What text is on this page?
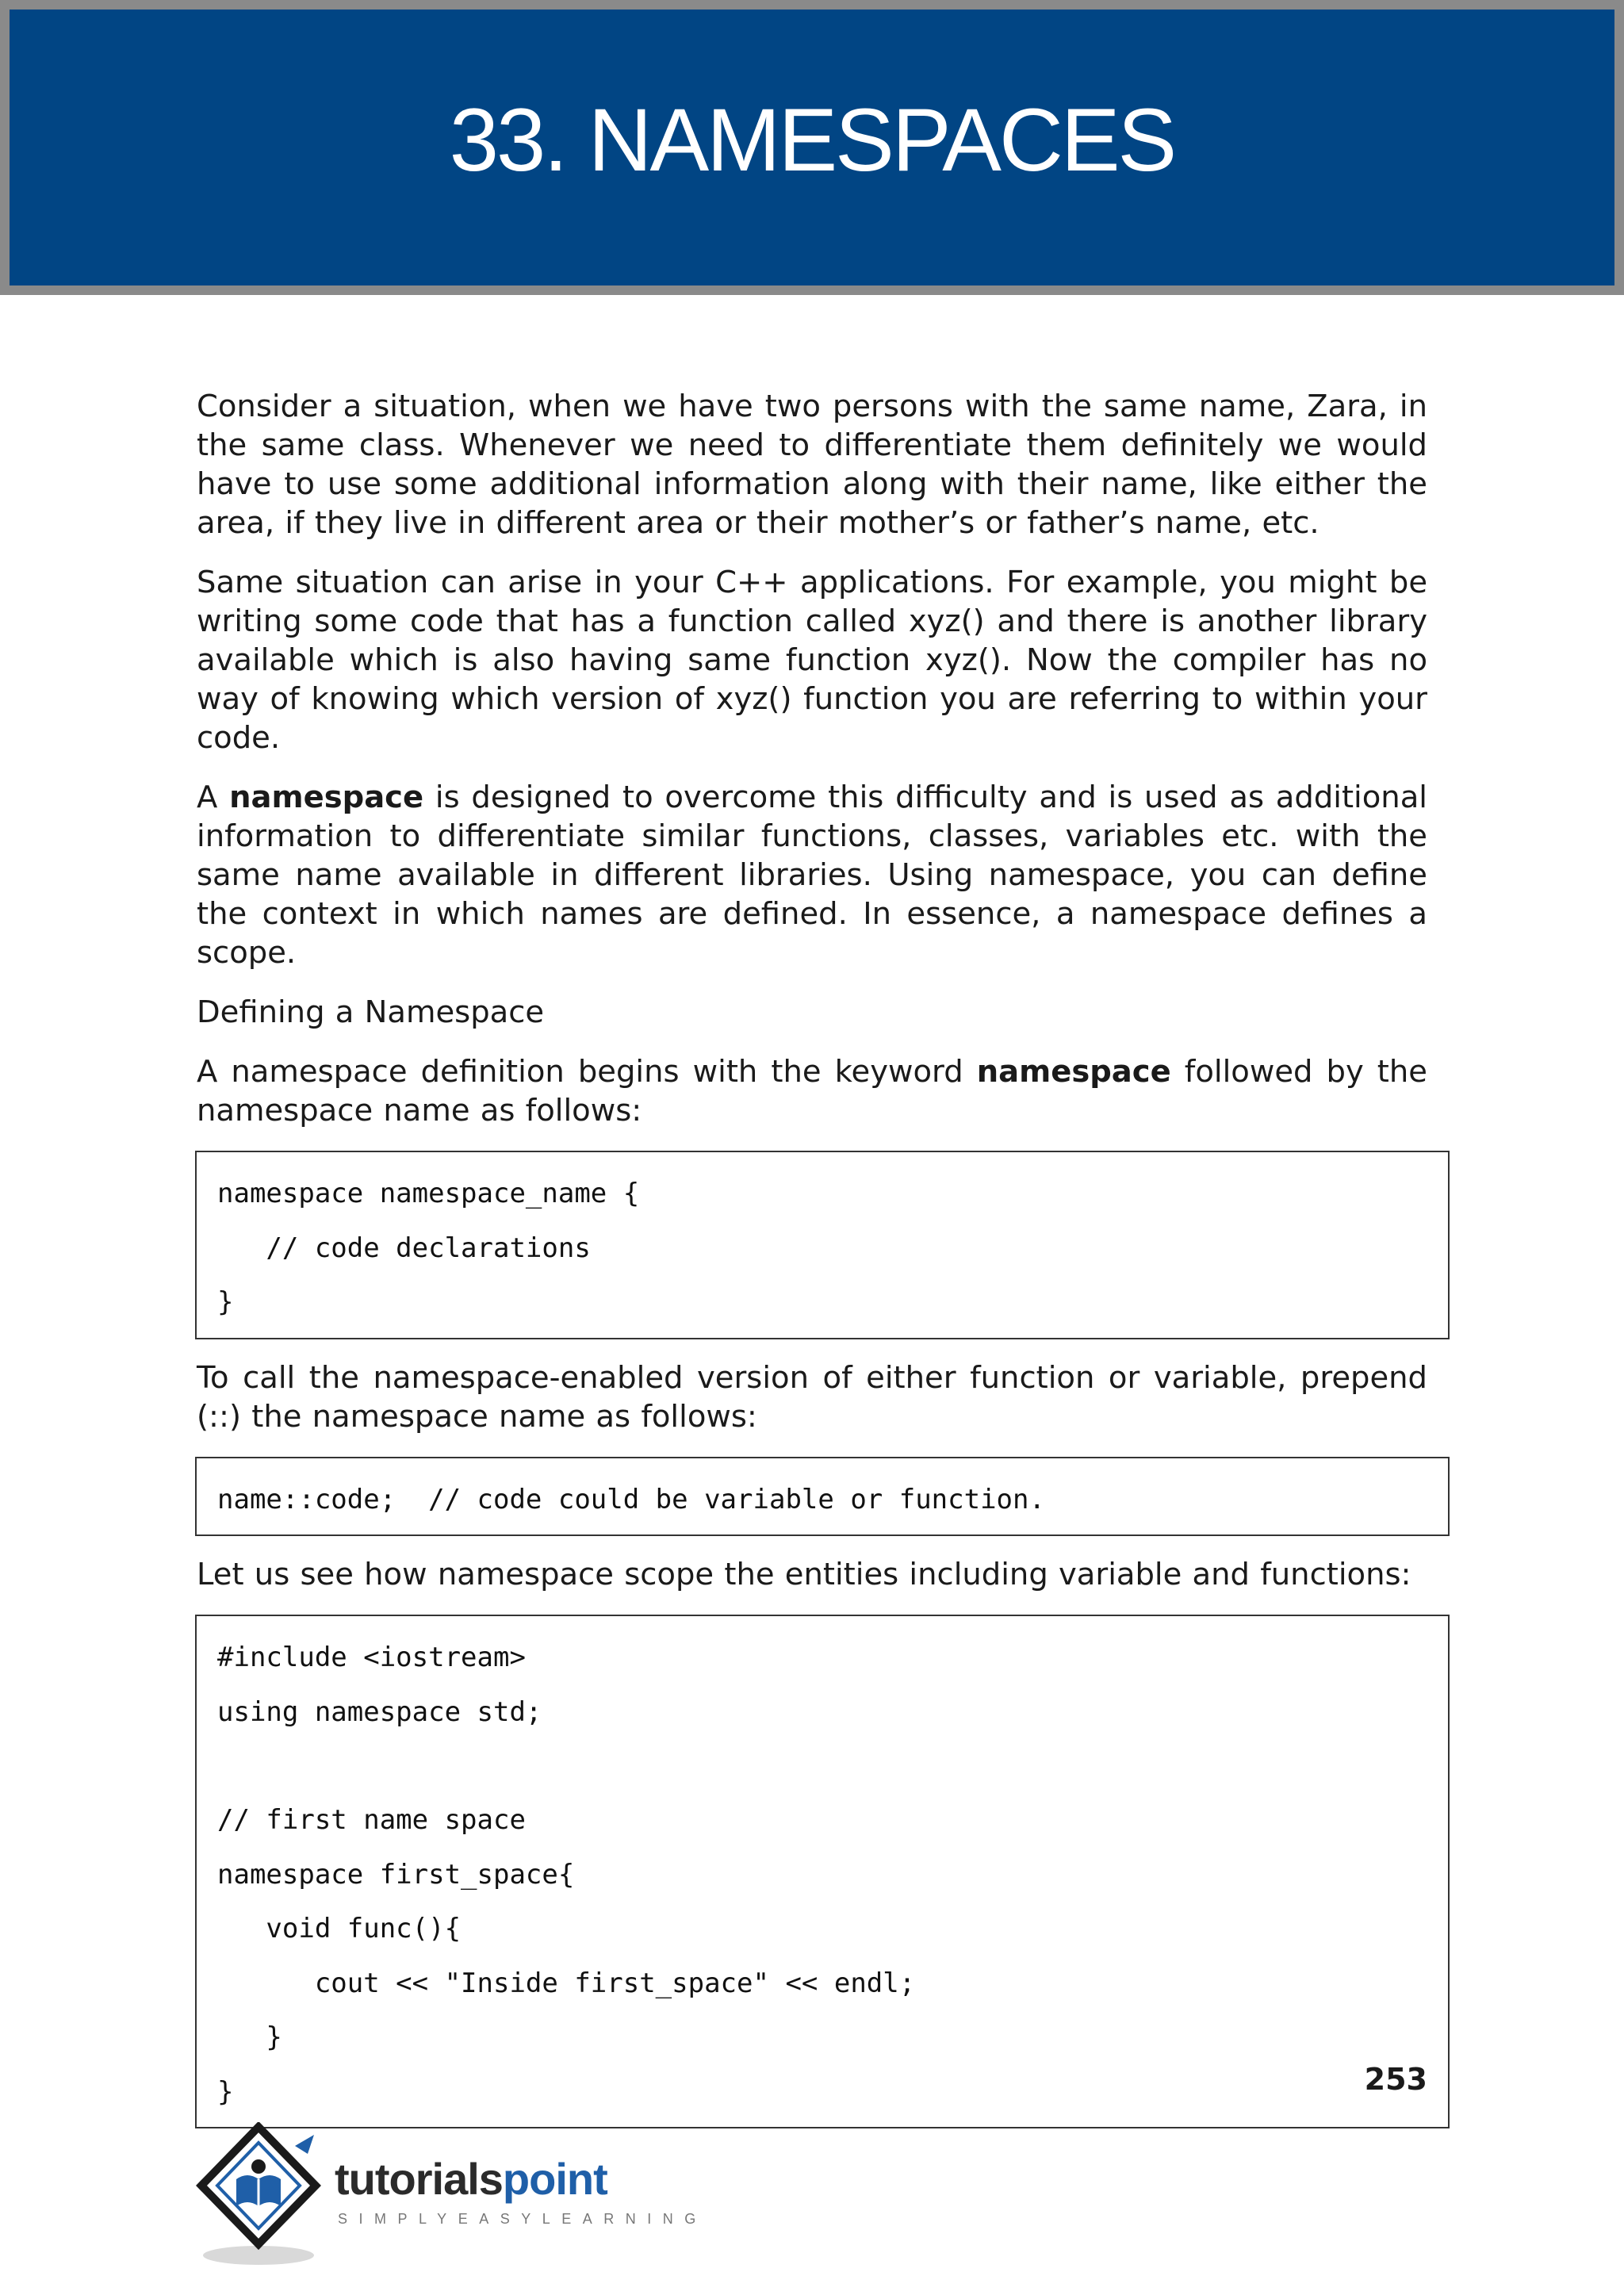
33. NAMESPACES

Consider a situation, when we have two persons with the same name, Zara, in the same class. Whenever we need to differentiate them definitely we would have to use some additional information along with their name, like either the area, if they live in different area or their mother’s or father’s name, etc.

Same situation can arise in your C++ applications. For example, you might be writing some code that has a function called xyz() and there is another library available which is also having same function xyz(). Now the compiler has no way of knowing which version of xyz() function you are referring to within your code.

A namespace is designed to overcome this difficulty and is used as additional information to differentiate similar functions, classes, variables etc. with the same name available in different libraries. Using namespace, you can define the context in which names are defined. In essence, a namespace defines a scope.

Defining a Namespace

A namespace definition begins with the keyword namespace followed by the namespace name as follows:

namespace namespace_name {
// code declarations
}

To call the namespace-enabled version of either function or variable, prepend (::) the namespace name as follows:

name::code;  // code could be variable or function.

Let us see how namespace scope the entities including variable and functions:

#include <iostream>
using namespace std;
// first name space
namespace first_space{
void func(){
cout << "Inside first_space" << endl;
}
}	253
tutorialspoint
SIMPLYEASYLEARNING
